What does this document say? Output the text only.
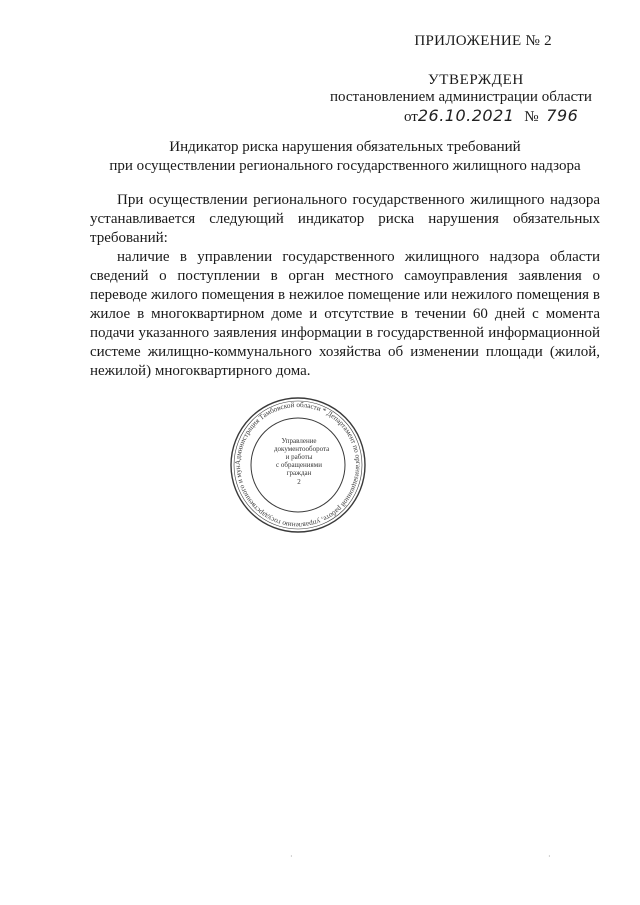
ПРИЛОЖЕНИЕ № 2
УТВЕРЖДЕН
постановлением администрации области
от26.10.2021 № 796
Индикатор риска нарушения обязательных требований
при осуществлении регионального государственного жилищного надзора

При осуществлении регионального государственного жилищного надзора устанавливается следующий индикатор риска нарушения обязательных требований:

наличие в управлении государственного жилищного надзора области сведений о поступлении в орган местного самоуправления заявления о переводе жилого помещения в нежилое помещение или нежилого помещения в жилое в многоквартирном доме и отсутствие в течении 60 дней с момента подачи указанного заявления информации в государственной информационной системе жилищно-коммунального хозяйства об изменении площади (жилой, нежилой) многоквартирного дома.

Администрация Тамбовской области * Департамент по организационной работе, управлению государственного и мун
Управление
документооборота
и работы
с обращениями
граждан
2
·	·
